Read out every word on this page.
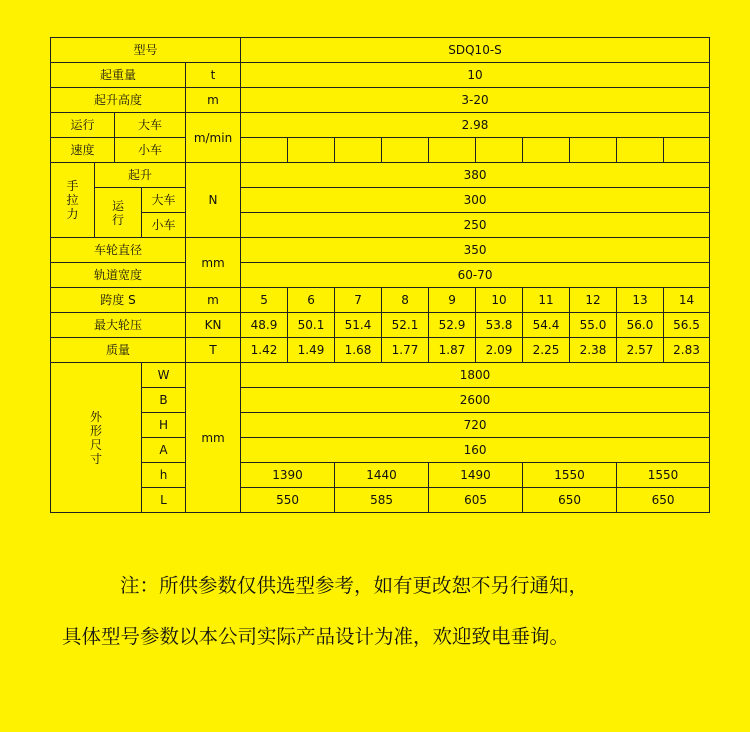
型号					SDQ10-S									
起重量				t	10									
起升高度				m	3-20									
运行		大车		m/min	2.98									
速度		小车												

手
拉
力	起升			N	380									

	运
行		大车		300									
			小车		250									
车轮直径				mm	350									
轨道宽度					60-70									
跨度 S				m	5	6	7	8	9	10	11	12	13	14
最大轮压				KN	48.9	50.1	51.4	52.1	52.9	53.8	54.4	55.0	56.0	56.5
质量				T	1.42	1.49	1.68	1.77	1.87	2.09	2.25	2.38	2.57	2.83

外
形
尺
寸			W	mm	1800									
			B		2600									
			H		720									
			A		160									
			h		1390		1440		1490		1550		1550	
			L		550		585		605		650		650	
注：所供参数仅供选型参考，如有更改恕不另行通知，
具体型号参数以本公司实际产品设计为准，欢迎致电垂询。
